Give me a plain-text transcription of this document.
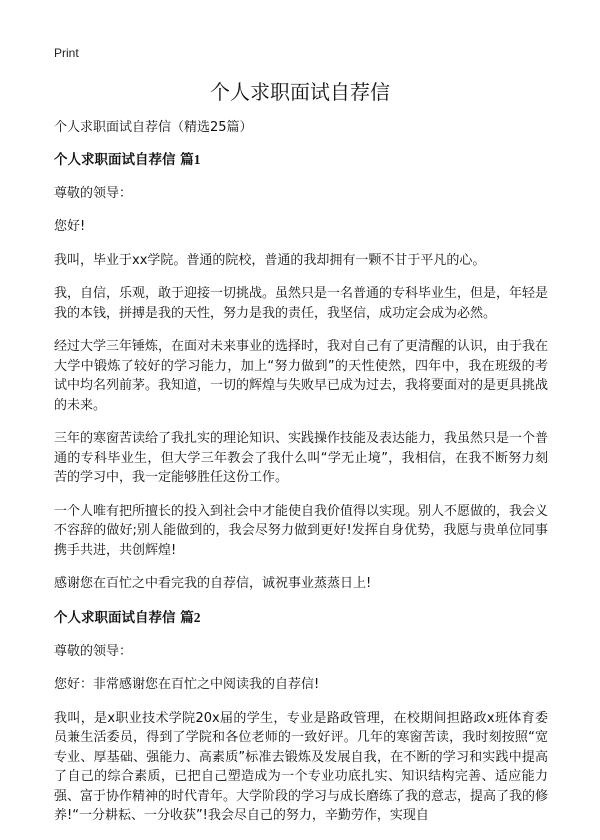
Print
个人求职面试自荐信

个人求职面试自荐信（精选25篇）

个人求职面试自荐信 篇1

尊敬的领导：

您好!

我叫，毕业于xx学院。普通的院校，普通的我却拥有一颗不甘于平凡的心。

我，自信，乐观，敢于迎接一切挑战。虽然只是一名普通的专科毕业生，但是，年轻是我的本钱，拼搏是我的天性，努力是我的责任，我坚信，成功定会成为必然。

经过大学三年锤炼，在面对未来事业的选择时，我对自己有了更清醒的认识，由于我在大学中锻炼了较好的学习能力，加上“努力做到”的天性使然，四年中，我在班级的考试中均名列前茅。我知道，一切的辉煌与失败早已成为过去，我将要面对的是更具挑战的未来。

三年的寒窗苦读给了我扎实的理论知识、实践操作技能及表达能力，我虽然只是一个普通的专科毕业生，但大学三年教会了我什么叫“学无止境”，我相信，在我不断努力刻苦的学习中，我一定能够胜任这份工作。

一个人唯有把所擅长的投入到社会中才能使自我价值得以实现。别人不愿做的，我会义不容辞的做好;别人能做到的，我会尽努力做到更好!发挥自身优势，我愿与贵单位同事携手共进，共创辉煌!

感谢您在百忙之中看完我的自荐信，诚祝事业蒸蒸日上!

个人求职面试自荐信 篇2

尊敬的领导：

您好：非常感谢您在百忙之中阅读我的自荐信!

我叫，是x职业技术学院20x届的学生，专业是路政管理，在校期间担路政x班体育委员兼生活委员，得到了学院和各位老师的一致好评。几年的寒窗苦读，我时刻按照“宽专业、厚基础、强能力、高素质”标准去锻炼及发展自我，在不断的学习和实践中提高了自己的综合素质，已把自己塑造成为一个专业功底扎实、知识结构完善、适应能力强、富于协作精神的时代青年。大学阶段的学习与成长磨练了我的意志，提高了我的修养!“一分耕耘、一分收获”!我会尽自己的努力，辛勤劳作，实现自
